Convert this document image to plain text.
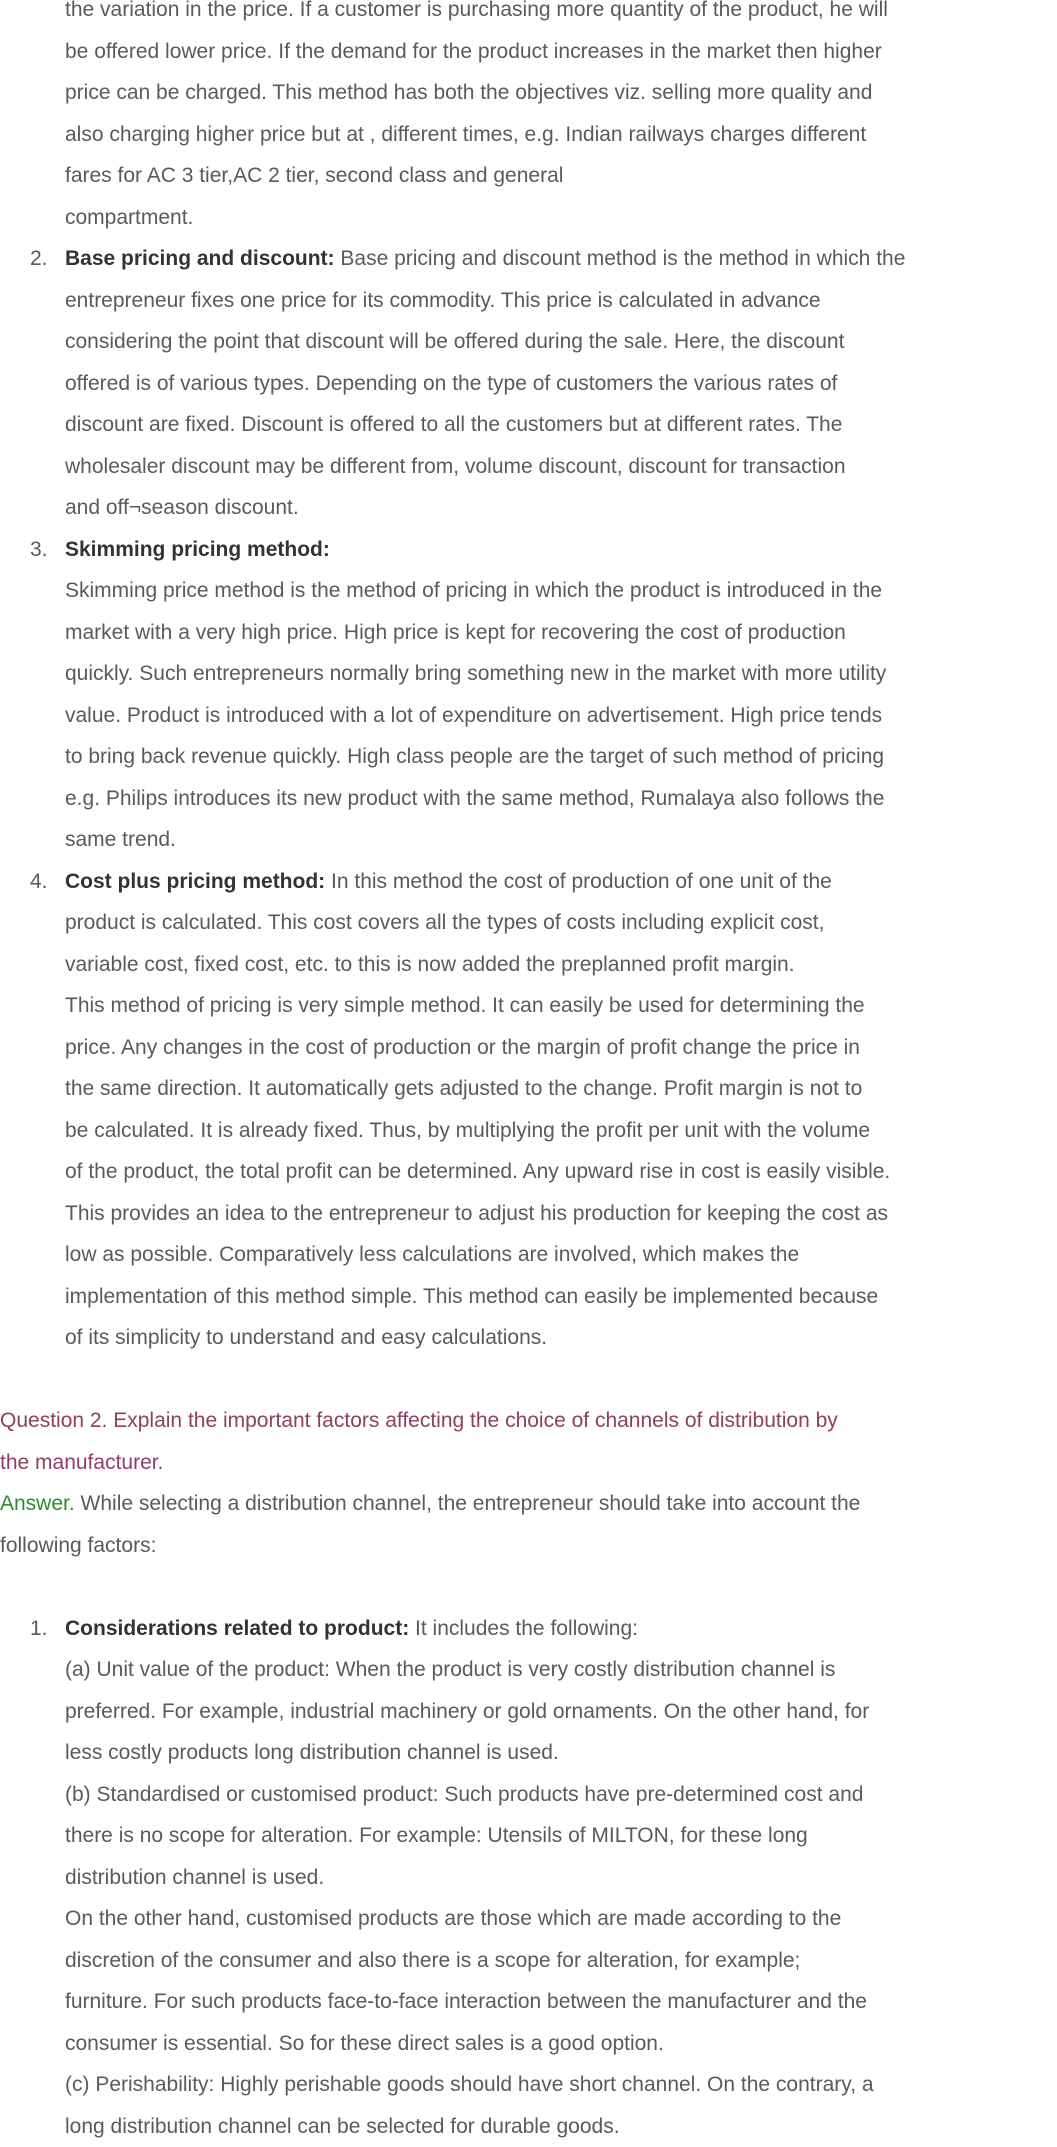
the variation in the price. If a customer is purchasing more quantity of the product, he will
be offered lower price. If the demand for the product increases in the market then higher
price can be charged. This method has both the objectives viz. selling more quality and
also charging higher price but at , different times, e.g. Indian railways charges different
fares for AC 3 tier,AC 2 tier, second class and general
compartment.
2. Base pricing and discount: Base pricing and discount method is the method in which the
entrepreneur fixes one price for its commodity. This price is calculated in advance
considering the point that discount will be offered during the sale. Here, the discount
offered is of various types. Depending on the type of customers the various rates of
discount are fixed. Discount is offered to all the customers but at different rates. The
wholesaler discount may be different from, volume discount, discount for transaction
and off¬season discount.
3. Skimming pricing method:
Skimming price method is the method of pricing in which the product is introduced in the
market with a very high price. High price is kept for recovering the cost of production
quickly. Such entrepreneurs normally bring something new in the market with more utility
value. Product is introduced with a lot of expenditure on advertisement. High price tends
to bring back revenue quickly. High class people are the target of such method of pricing
e.g. Philips introduces its new product with the same method, Rumalaya also follows the
same trend.
4. Cost plus pricing method: In this method the cost of production of one unit of the
product is calculated. This cost covers all the types of costs including explicit cost,
variable cost, fixed cost, etc. to this is now added the preplanned profit margin.
This method of pricing is very simple method. It can easily be used for determining the
price. Any changes in the cost of production or the margin of profit change the price in
the same direction. It automatically gets adjusted to the change. Profit margin is not to
be calculated. It is already fixed. Thus, by multiplying the profit per unit with the volume
of the product, the total profit can be determined. Any upward rise in cost is easily visible.
This provides an idea to the entrepreneur to adjust his production for keeping the cost as
low as possible. Comparatively less calculations are involved, which makes the
implementation of this method simple. This method can easily be implemented because
of its simplicity to understand and easy calculations.
Question 2. Explain the important factors affecting the choice of channels of distribution by
the manufacturer.
Answer. While selecting a distribution channel, the entrepreneur should take into account the
following factors:
1. Considerations related to product: It includes the following:
(a) Unit value of the product: When the product is very costly distribution channel is
preferred. For example, industrial machinery or gold ornaments. On the other hand, for
less costly products long distribution channel is used.
(b) Standardised or customised product: Such products have pre-determined cost and
there is no scope for alteration. For example: Utensils of MILTON, for these long
distribution channel is used.
On the other hand, customised products are those which are made according to the
discretion of the consumer and also there is a scope for alteration, for example;
furniture. For such products face-to-face interaction between the manufacturer and the
consumer is essential. So for these direct sales is a good option.
(c) Perishability: Highly perishable goods should have short channel. On the contrary, a
long distribution channel can be selected for durable goods.
